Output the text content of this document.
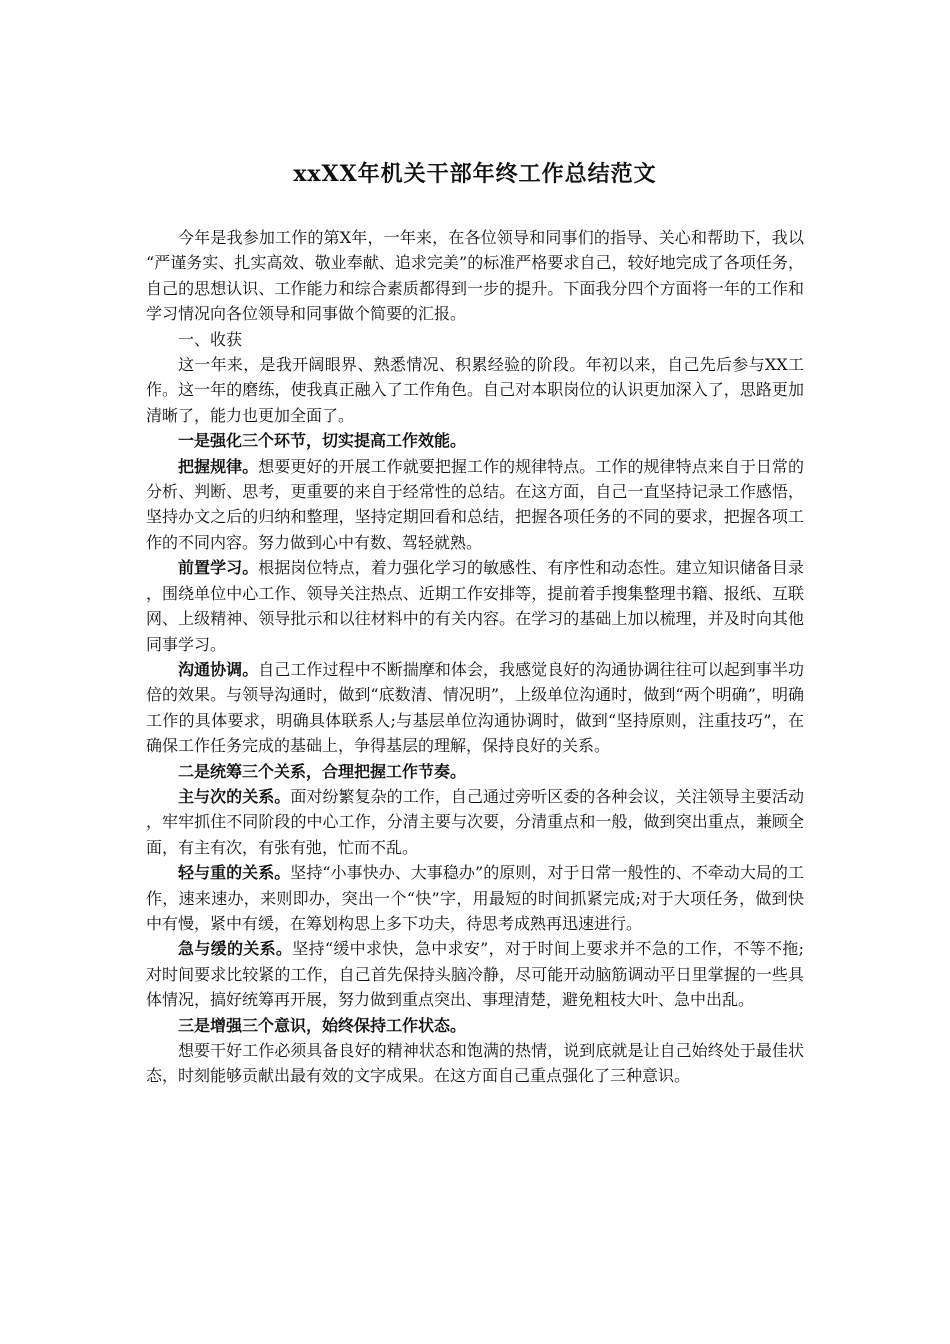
xxXX年机关干部年终工作总结范文

今年是我参加工作的第X年，一年来，在各位领导和同事们的指导、关心和帮助下，我以“严谨务实、扎实高效、敬业奉献、追求完美”的标准严格要求自己，较好地完成了各项任务，自己的思想认识、工作能力和综合素质都得到一步的提升。下面我分四个方面将一年的工作和学习情况向各位领导和同事做个简要的汇报。

一、收获

这一年来，是我开阔眼界、熟悉情况、积累经验的阶段。年初以来，自己先后参与XX工作。这一年的磨练，使我真正融入了工作角色。自己对本职岗位的认识更加深入了，思路更加清晰了，能力也更加全面了。

一是强化三个环节，切实提高工作效能。

把握规律。想要更好的开展工作就要把握工作的规律特点。工作的规律特点来自于日常的分析、判断、思考，更重要的来自于经常性的总结。在这方面，自己一直坚持记录工作感悟，坚持办文之后的归纳和整理，坚持定期回看和总结，把握各项任务的不同的要求，把握各项工作的不同内容。努力做到心中有数、驾轻就熟。

前置学习。根据岗位特点，着力强化学习的敏感性、有序性和动态性。建立知识储备目录，围绕单位中心工作、领导关注热点、近期工作安排等，提前着手搜集整理书籍、报纸、互联网、上级精神、领导批示和以往材料中的有关内容。在学习的基础上加以梳理，并及时向其他同事学习。

沟通协调。自己工作过程中不断揣摩和体会，我感觉良好的沟通协调往往可以起到事半功倍的效果。与领导沟通时，做到“底数清、情况明”，上级单位沟通时，做到“两个明确”，明确工作的具体要求，明确具体联系人;与基层单位沟通协调时，做到“坚持原则，注重技巧”，在确保工作任务完成的基础上，争得基层的理解，保持良好的关系。

二是统筹三个关系，合理把握工作节奏。

主与次的关系。面对纷繁复杂的工作，自己通过旁听区委的各种会议，关注领导主要活动，牢牢抓住不同阶段的中心工作，分清主要与次要，分清重点和一般，做到突出重点，兼顾全面，有主有次，有张有弛，忙而不乱。

轻与重的关系。坚持“小事快办、大事稳办”的原则，对于日常一般性的、不牵动大局的工作，速来速办，来则即办，突出一个“快”字，用最短的时间抓紧完成;对于大项任务，做到快中有慢，紧中有缓，在筹划构思上多下功夫，待思考成熟再迅速进行。

急与缓的关系。坚持“缓中求快，急中求安”，对于时间上要求并不急的工作，不等不拖;对时间要求比较紧的工作，自己首先保持头脑冷静，尽可能开动脑筋调动平日里掌握的一些具体情况，搞好统筹再开展，努力做到重点突出、事理清楚，避免粗枝大叶、急中出乱。

三是增强三个意识，始终保持工作状态。

想要干好工作必须具备良好的精神状态和饱满的热情，说到底就是让自己始终处于最佳状态，时刻能够贡献出最有效的文字成果。在这方面自己重点强化了三种意识。
